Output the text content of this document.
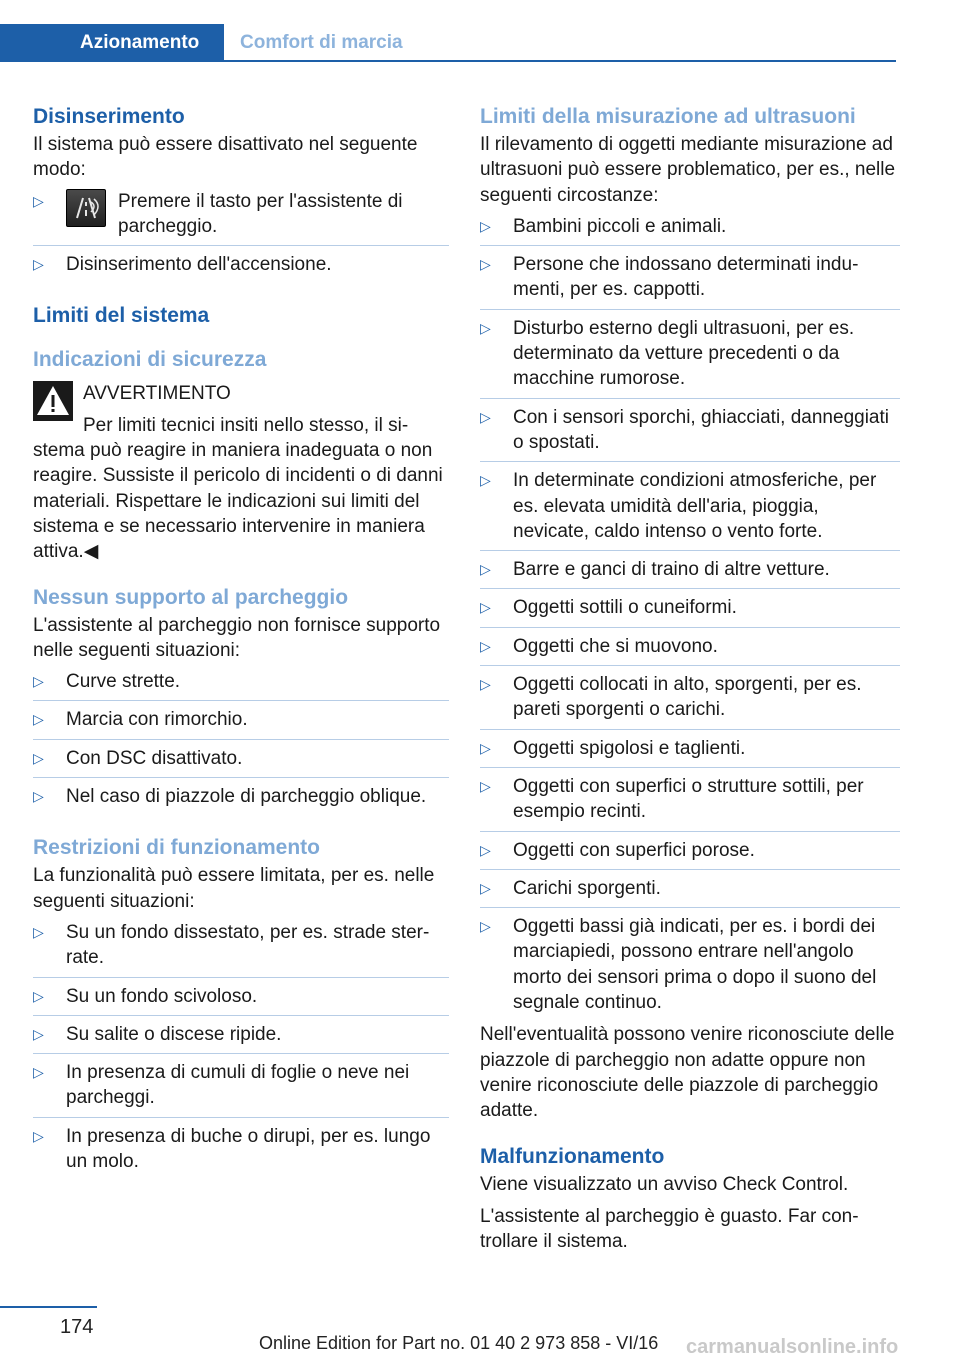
Azionamento	Comfort di marcia
Disinserimento
Il sistema può essere disattivato nel seguente modo:
▷	Premere il tasto per l'assistente di parcheggio.
▷ Disinserimento dell'accensione.
Limiti del sistema
Indicazioni di sicurezza
AVVERTIMENTO
Per limiti tecnici insiti nello stesso, il si-
stema può reagire in maniera inadeguata o non reagire. Sussiste il pericolo di incidenti o di danni materiali. Rispettare le indicazioni sui limiti del sistema e se necessario intervenire in maniera attiva.◀
Nessun supporto al parcheggio
L'assistente al parcheggio non fornisce supporto nelle seguenti situazioni:
▷ Curve strette.
▷ Marcia con rimorchio.
▷ Con DSC disattivato.
▷ Nel caso di piazzole di parcheggio oblique.
Restrizioni di funzionamento
La funzionalità può essere limitata, per es. nelle seguenti situazioni:
▷ Su un fondo dissestato, per es. strade sterrate.
▷ Su un fondo scivoloso.
▷ Su salite o discese ripide.
▷ In presenza di cumuli di foglie o neve nei parcheggi.
▷ In presenza di buche o dirupi, per es. lungo un molo.
Limiti della misurazione ad ultrasuoni
Il rilevamento di oggetti mediante misurazione ad ultrasuoni può essere problematico, per es., nelle seguenti circostanze:
▷ Bambini piccoli e animali.
▷ Persone che indossano determinati indumenti, per es. cappotti.
▷ Disturbo esterno degli ultrasuoni, per es. determinato da vetture precedenti o da macchine rumorose.
▷ Con i sensori sporchi, ghiacciati, danneggiati o spostati.
▷ In determinate condizioni atmosferiche, per es. elevata umidità dell'aria, pioggia, nevicate, caldo intenso o vento forte.
▷ Barre e ganci di traino di altre vetture.
▷ Oggetti sottili o cuneiformi.
▷ Oggetti che si muovono.
▷ Oggetti collocati in alto, sporgenti, per es. pareti sporgenti o carichi.
▷ Oggetti spigolosi e taglienti.
▷ Oggetti con superfici o strutture sottili, per esempio recinti.
▷ Oggetti con superfici porose.
▷ Carichi sporgenti.
▷ Oggetti bassi già indicati, per es. i bordi dei marciapiedi, possono entrare nell'angolo morto dei sensori prima o dopo il suono del segnale continuo.
Nell'eventualità possono venire riconosciute delle piazzole di parcheggio non adatte oppure non venire riconosciute delle piazzole di parcheggio adatte.
Malfunzionamento
Viene visualizzato un avviso Check Control.
L'assistente al parcheggio è guasto. Far controllare il sistema.
174
Online Edition for Part no. 01 40 2 973 858 - VI/16 carmanualsonline.info
